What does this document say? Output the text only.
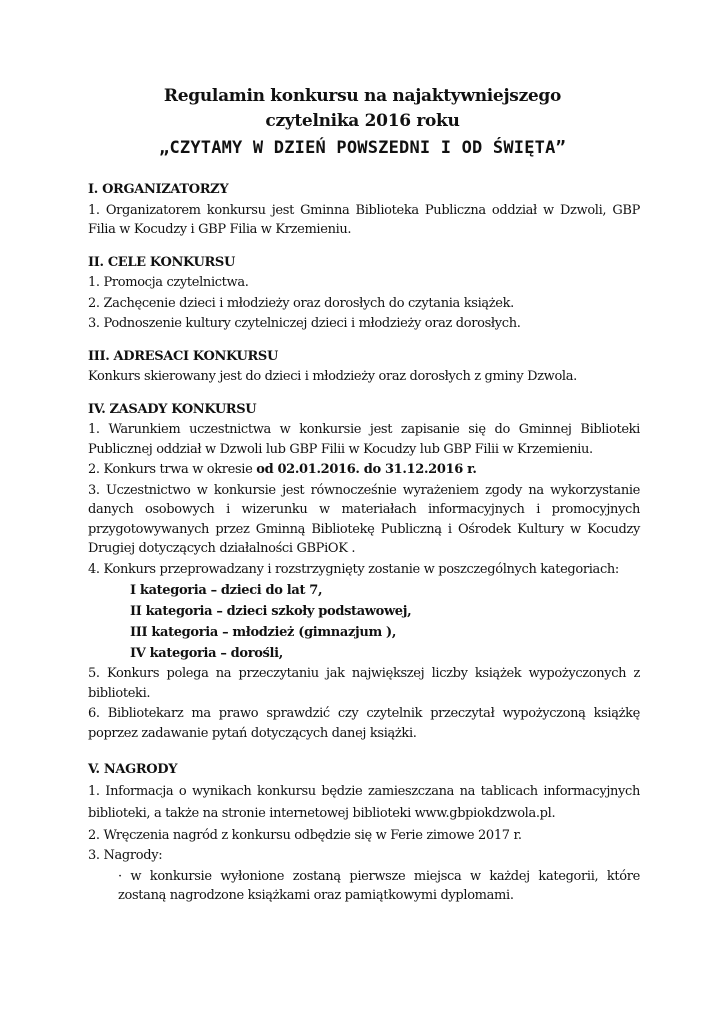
Regulamin konkursu na najaktywniejszego
czytelnika 2016 roku
„CZYTAMY W DZIEŃ POWSZEDNI I OD ŚWIĘTA”
I. ORGANIZATORZY
1. Organizatorem konkursu jest Gminna Biblioteka Publiczna oddział w Dzwoli, GBP Filia w Kocudzy i GBP Filia w Krzemieniu.
II. CELE KONKURSU
1. Promocja czytelnictwa.
2. Zachęcenie dzieci i młodzieży oraz dorosłych do czytania książek.
3. Podnoszenie kultury czytelniczej dzieci i młodzieży oraz dorosłych.
III. ADRESACI KONKURSU
Konkurs skierowany jest do dzieci i młodzieży oraz dorosłych z gminy Dzwola.
IV. ZASADY KONKURSU
1. Warunkiem uczestnictwa w konkursie jest zapisanie się do Gminnej Biblioteki Publicznej oddział w Dzwoli lub GBP Filii w Kocudzy lub GBP Filii w Krzemieniu.
2. Konkurs trwa w okresie od 02.01.2016. do 31.12.2016 r.
3. Uczestnictwo w konkursie jest równocześnie wyrażeniem zgody na wykorzystanie danych osobowych i wizerunku w materiałach informacyjnych i promocyjnych przygotowywanych przez Gminną Bibliotekę Publiczną i Ośrodek Kultury w Kocudzy Drugiej dotyczących działalności GBPiOK .
4. Konkurs przeprowadzany i rozstrzygnięty zostanie w poszczególnych kategoriach:
I kategoria – dzieci do lat 7,
II kategoria – dzieci szkoły podstawowej,
III kategoria – młodzież (gimnazjum ),
IV kategoria – dorośli,
5. Konkurs polega na przeczytaniu jak największej liczby książek wypożyczonych z biblioteki.
6. Bibliotekarz ma prawo sprawdzić czy czytelnik przeczytał wypożyczoną książkę poprzez zadawanie pytań dotyczących danej książki.
V. NAGRODY
1. Informacja o wynikach konkursu będzie zamieszczana na tablicach informacyjnych biblioteki, a także na stronie internetowej biblioteki www.gbpiokdzwola.pl.
2. Wręczenia nagród z konkursu odbędzie się w Ferie zimowe 2017 r.
3. Nagrody:
· w konkursie wyłonione zostaną pierwsze miejsca w każdej kategorii, które zostaną nagrodzone książkami oraz pamiątkowymi dyplomami.
